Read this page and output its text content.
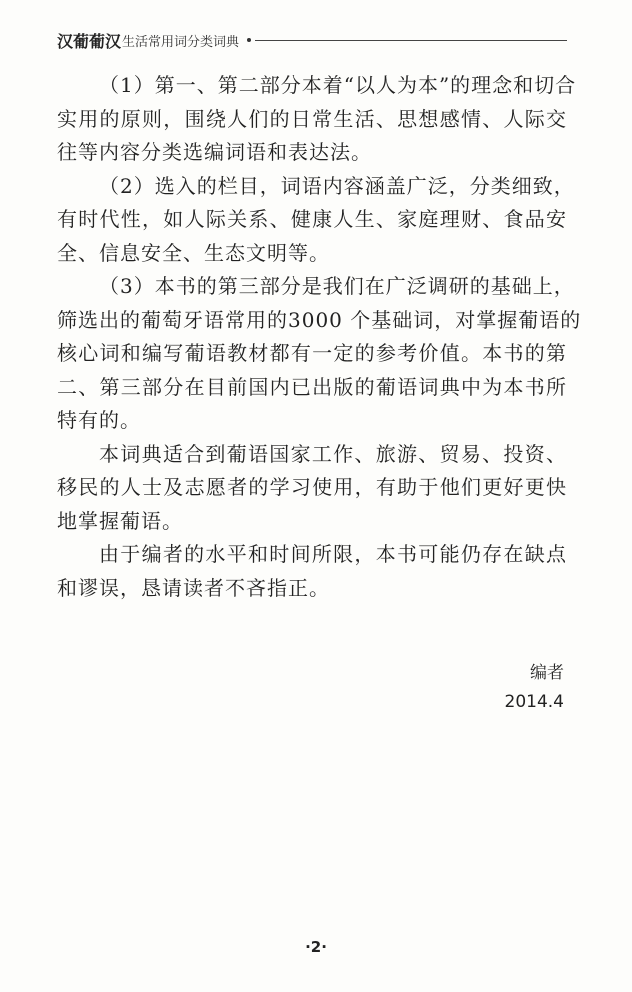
汉葡葡汉 生活常用词分类词典
（1）第一、第二部分本着“以人为本”的理念和切合
实用的原则，围绕人们的日常生活、思想感情、人际交
往等内容分类选编词语和表达法。
（2）选入的栏目，词语内容涵盖广泛，分类细致，
有时代性，如人际关系、健康人生、家庭理财、食品安
全、信息安全、生态文明等。
（3）本书的第三部分是我们在广泛调研的基础上，
筛选出的葡萄牙语常用的3000 个基础词，对掌握葡语的
核心词和编写葡语教材都有一定的参考价值。本书的第
二、第三部分在目前国内已出版的葡语词典中为本书所
特有的。
本词典适合到葡语国家工作、旅游、贸易、投资、
移民的人士及志愿者的学习使用，有助于他们更好更快
地掌握葡语。
由于编者的水平和时间所限，本书可能仍存在缺点
和谬误，恳请读者不吝指正。
编者
2014.4
·2·
